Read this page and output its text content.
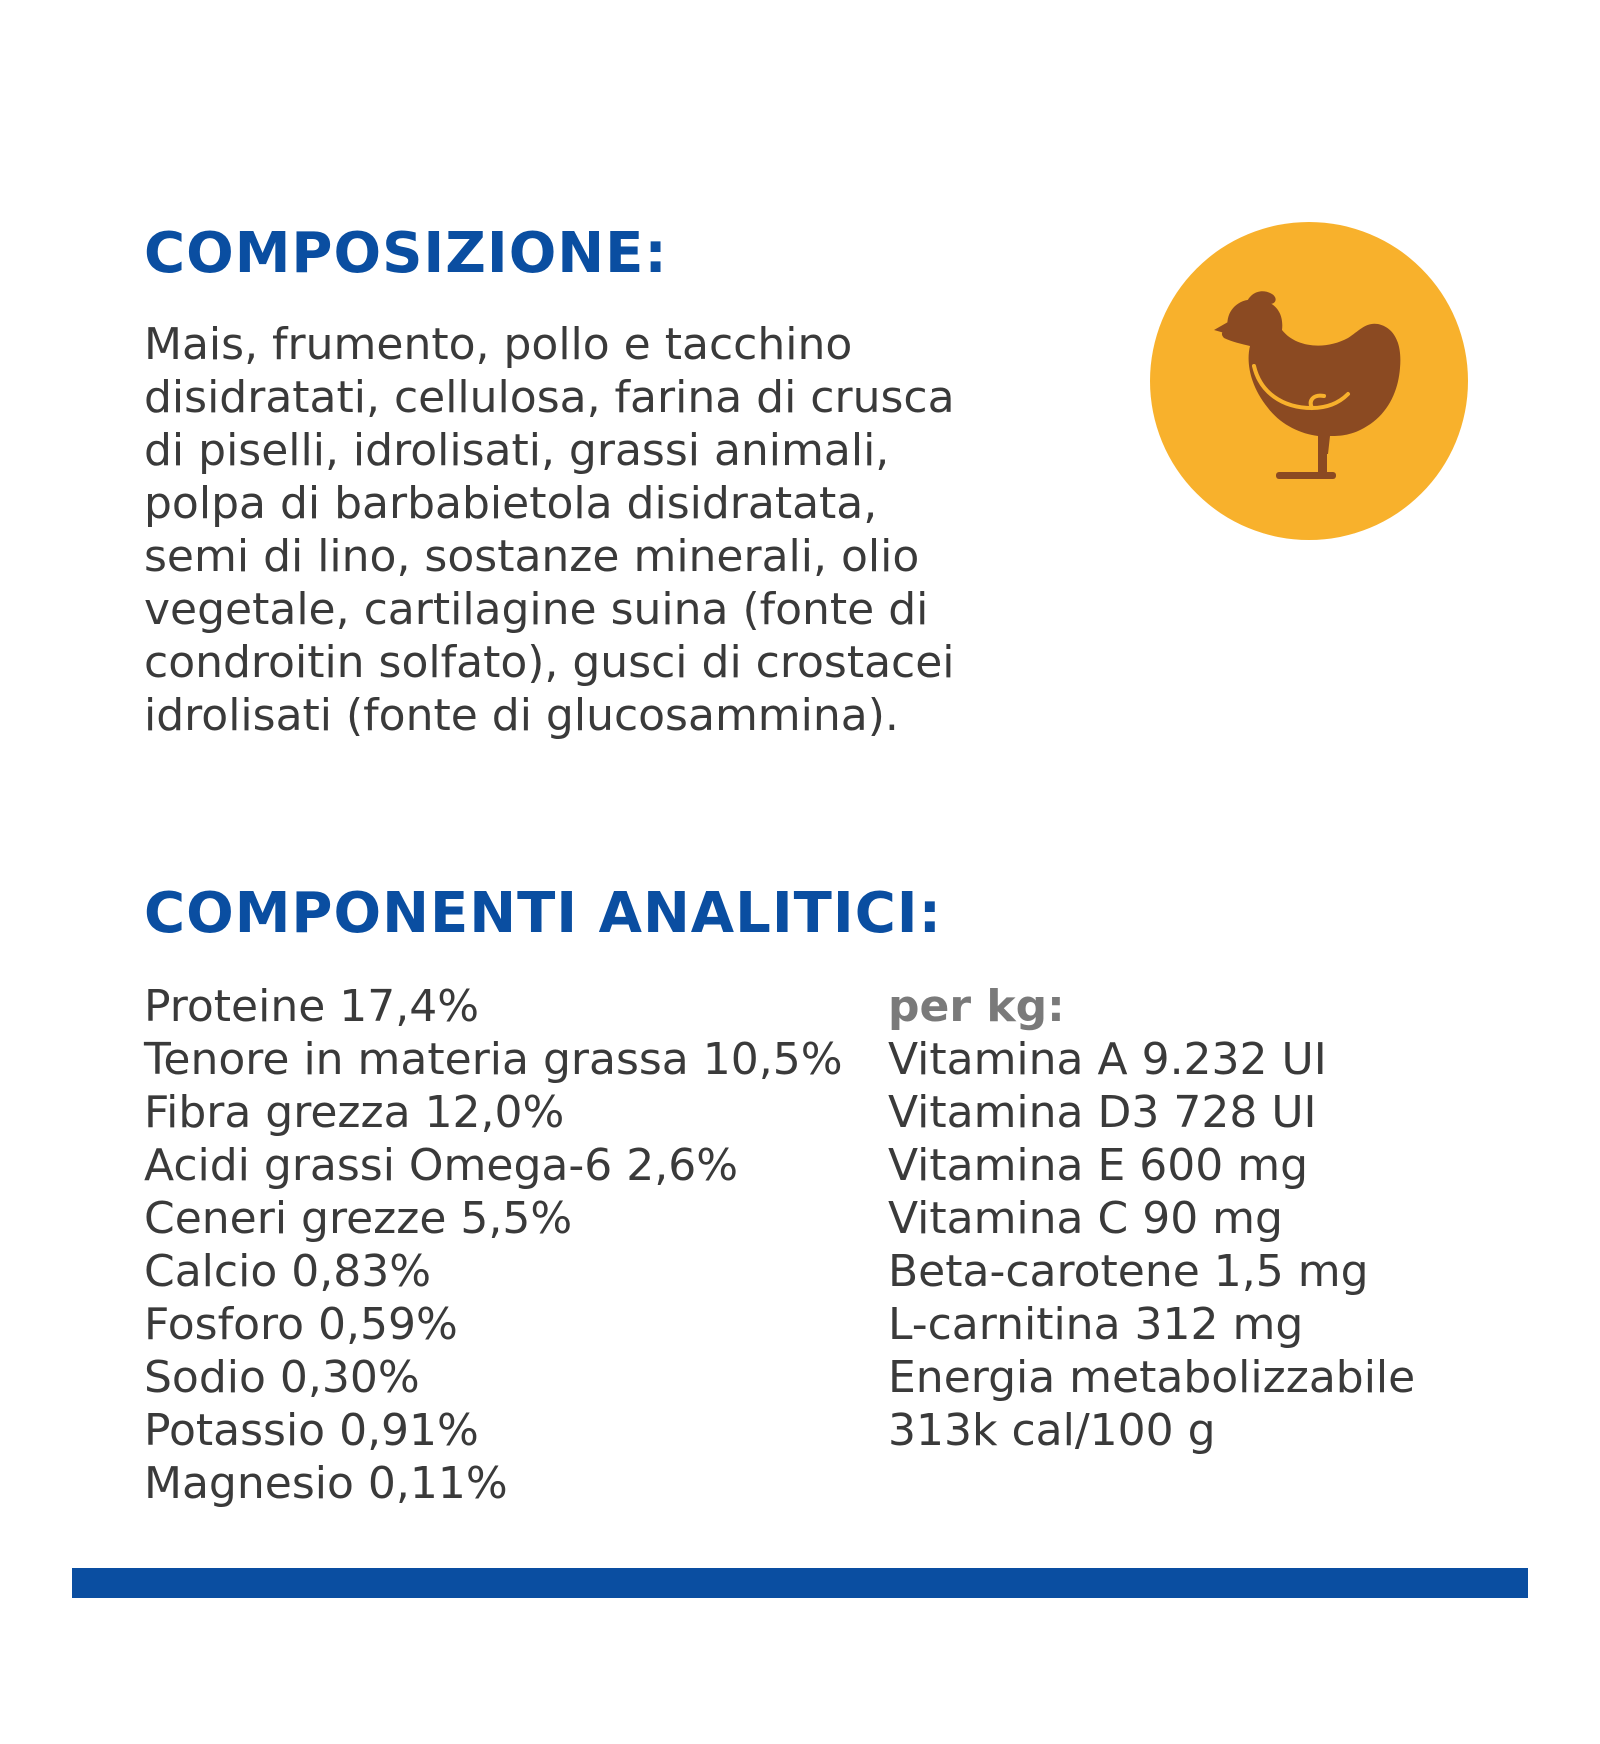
COMPOSIZIONE:

Mais, frumento, pollo e tacchino
disidratati, cellulosa, farina di crusca
di piselli, idrolisati, grassi animali,
polpa di barbabietola disidratata,
semi di lino, sostanze minerali, olio
vegetale, cartilagine suina (fonte di
condroitin solfato), gusci di crostacei
idrolisati (fonte di glucosammina).

COMPONENTI ANALITICI:
Proteine 17,4%
Tenore in materia grassa 10,5%
Fibra grezza 12,0%
Acidi grassi Omega-6 2,6%
Ceneri grezze 5,5%
Calcio 0,83%
Fosforo 0,59%
Sodio 0,30%
Potassio 0,91%
Magnesio 0,11%
per kg:
Vitamina A 9.232 UI
Vitamina D3 728 UI
Vitamina E 600 mg
Vitamina C 90 mg
Beta-carotene 1,5 mg
L-carnitina 312 mg
Energia metabolizzabile
313k cal/100 g
